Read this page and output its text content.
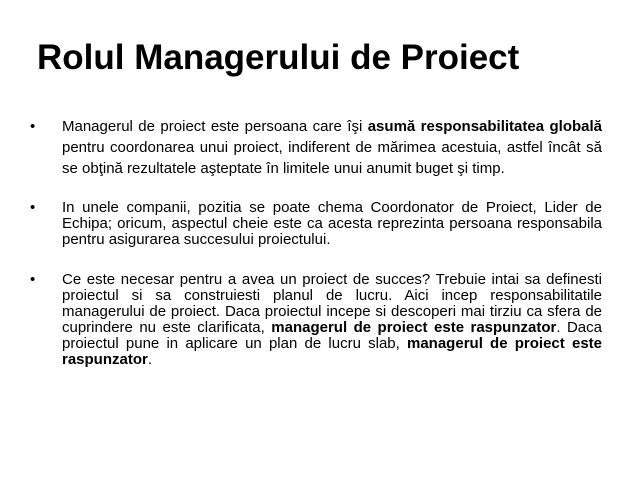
Rolul Managerului de Proiect
•	Managerul de proiect este persoana care îşi asumă responsabilitatea globală pentru coordonarea unui proiect, indiferent de mărimea acestuia, astfel încât să se obţină rezultatele aşteptate în limitele unui anumit buget şi timp.
•	In unele companii, pozitia se poate chema Coordonator de Proiect, Lider de Echipa; oricum, aspectul cheie este ca acesta reprezinta persoana responsabila pentru asigurarea succesului proiectului.
•	Ce este necesar pentru a avea un proiect de succes? Trebuie intai sa definesti proiectul si sa construiesti planul de lucru. Aici incep responsabilitatile managerului de proiect. Daca proiectul incepe si descoperi mai tirziu ca sfera de cuprindere nu este clarificata, managerul de proiect este raspunzator. Daca proiectul pune in aplicare un plan de lucru slab, managerul de proiect este raspunzator.
